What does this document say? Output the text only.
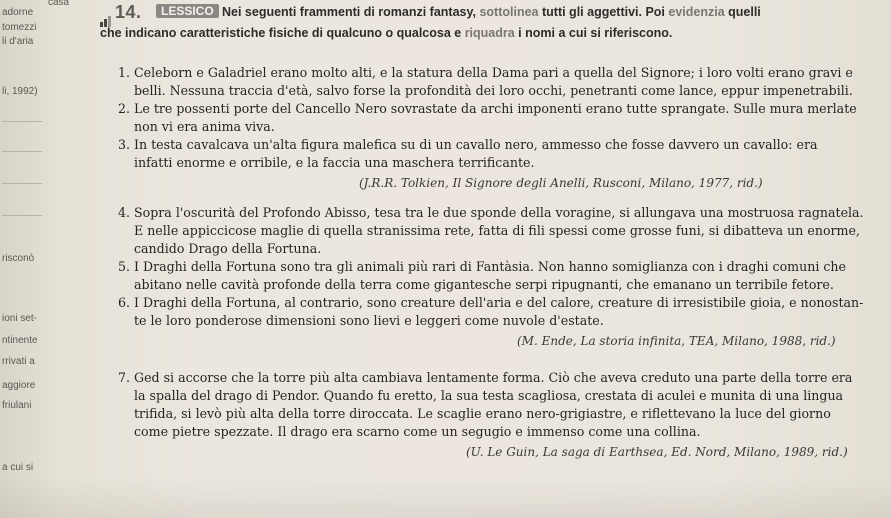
casa
adorne
tomezzi
li d'aria
li, 1992)
risconò
ioni set-
ntinente
rrivati a
aggiore
friulani
a cui si
14.	LESSICO Nei seguenti frammenti di romanzi fantasy, sottolinea tutti gli aggettivi. Poi evidenzia quelli
che indicano caratteristiche fisiche di qualcuno o qualcosa e riquadra i nomi a cui si riferiscono.
1. Celeborn e Galadriel erano molto alti, e la statura della Dama pari a quella del Signore; i loro volti erano gravi e
belli. Nessuna traccia d'età, salvo forse la profondità dei loro occhi, penetranti come lance, eppur impenetrabili.
2. Le tre possenti porte del Cancello Nero sovrastate da archi imponenti erano tutte sprangate. Sulle mura merlate
non vi era anima viva.
3. In testa cavalcava un'alta figura malefica su di un cavallo nero, ammesso che fosse davvero un cavallo: era
infatti enorme e orribile, e la faccia una maschera terrificante.
(J.R.R. Tolkien, Il Signore degli Anelli, Rusconi, Milano, 1977, rid.)
4. Sopra l'oscurità del Profondo Abisso, tesa tra le due sponde della voragine, si allungava una mostruosa ragnatela.
E nelle appiccicose maglie di quella stranissima rete, fatta di fili spessi come grosse funi, si dibatteva un enorme,
candido Drago della Fortuna.
5. I Draghi della Fortuna sono tra gli animali più rari di Fantàsia. Non hanno somiglianza con i draghi comuni che
abitano nelle cavità profonde della terra come gigantesche serpi ripugnanti, che emanano un terribile fetore.
6. I Draghi della Fortuna, al contrario, sono creature dell'aria e del calore, creature di irresistibile gioia, e nonostan-
te le loro ponderose dimensioni sono lievi e leggeri come nuvole d'estate.
(M. Ende, La storia infinita, TEA, Milano, 1988, rid.)
7. Ged si accorse che la torre più alta cambiava lentamente forma. Ciò che aveva creduto una parte della torre era
la spalla del drago di Pendor. Quando fu eretto, la sua testa scagliosa, crestata di aculei e munita di una lingua
trifida, si levò più alta della torre diroccata. Le scaglie erano nero-grigiastre, e riflettevano la luce del giorno
come pietre spezzate. Il drago era scarno come un segugio e immenso come una collina.
(U. Le Guin, La saga di Earthsea, Ed. Nord, Milano, 1989, rid.)
